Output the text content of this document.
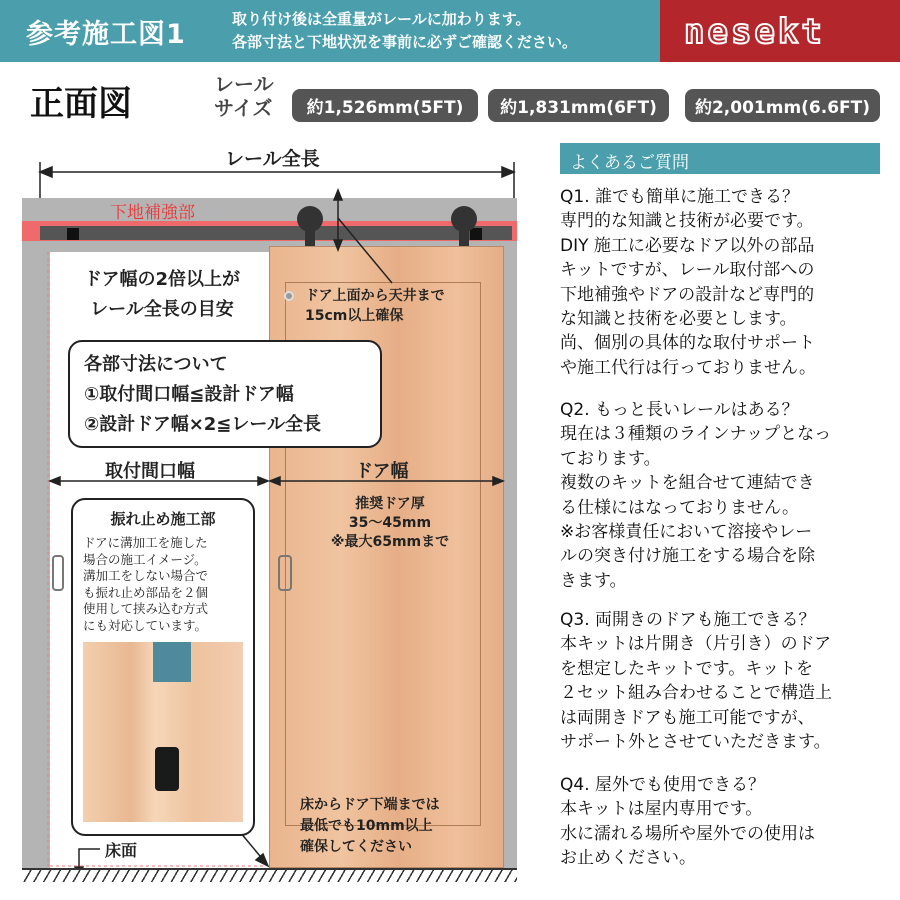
参考施工図1	取り付け後は全重量がレールに加わります。
各部寸法と下地状況を事前に必ずご確認ください。	nesekt
正面図	レール
サイズ	約1,526mm(5FT)	約1,831mm(6FT)	約2,001mm(6.6FT)
レール全長
下地補強部
ドア上面から天井まで
15cm以上確保
ドア幅の2倍以上が
レール全長の目安
各部寸法について
①取付間口幅≦設計ドア幅
②設計ドア幅×2≦レール全長
取付間口幅	ドア幅
推奨ドア厚
35〜45mm
※最大65mmまで
振れ止め施工部
ドアに溝加工を施した
場合の施工イメージ。
溝加工をしない場合で
も振れ止め部品を２個
使用して挟み込む方式
にも対応しています。
床面
床からドア下端までは
最低でも10mm以上
確保してください
よくあるご質問
Q1. 誰でも簡単に施工できる？
専門的な知識と技術が必要です。
DIY 施工に必要なドア以外の部品
キットですが、レール取付部への
下地補強やドアの設計など専門的
な知識と技術を必要とします。
尚、個別の具体的な取付サポート
や施工代行は行っておりません。
Q2. もっと長いレールはある？
現在は３種類のラインナップとなっ
ております。
複数のキットを組合せて連結でき
る仕様にはなっておりません。
※お客様責任において溶接やレー
ルの突き付け施工をする場合を除
きます。
Q3. 両開きのドアも施工できる？
本キットは片開き（片引き）のドア
を想定したキットです。キットを
２セット組み合わせることで構造上
は両開きドアも施工可能ですが、
サポート外とさせていただきます。
Q4. 屋外でも使用できる？
本キットは屋内専用です。
水に濡れる場所や屋外での使用は
お止めください。
